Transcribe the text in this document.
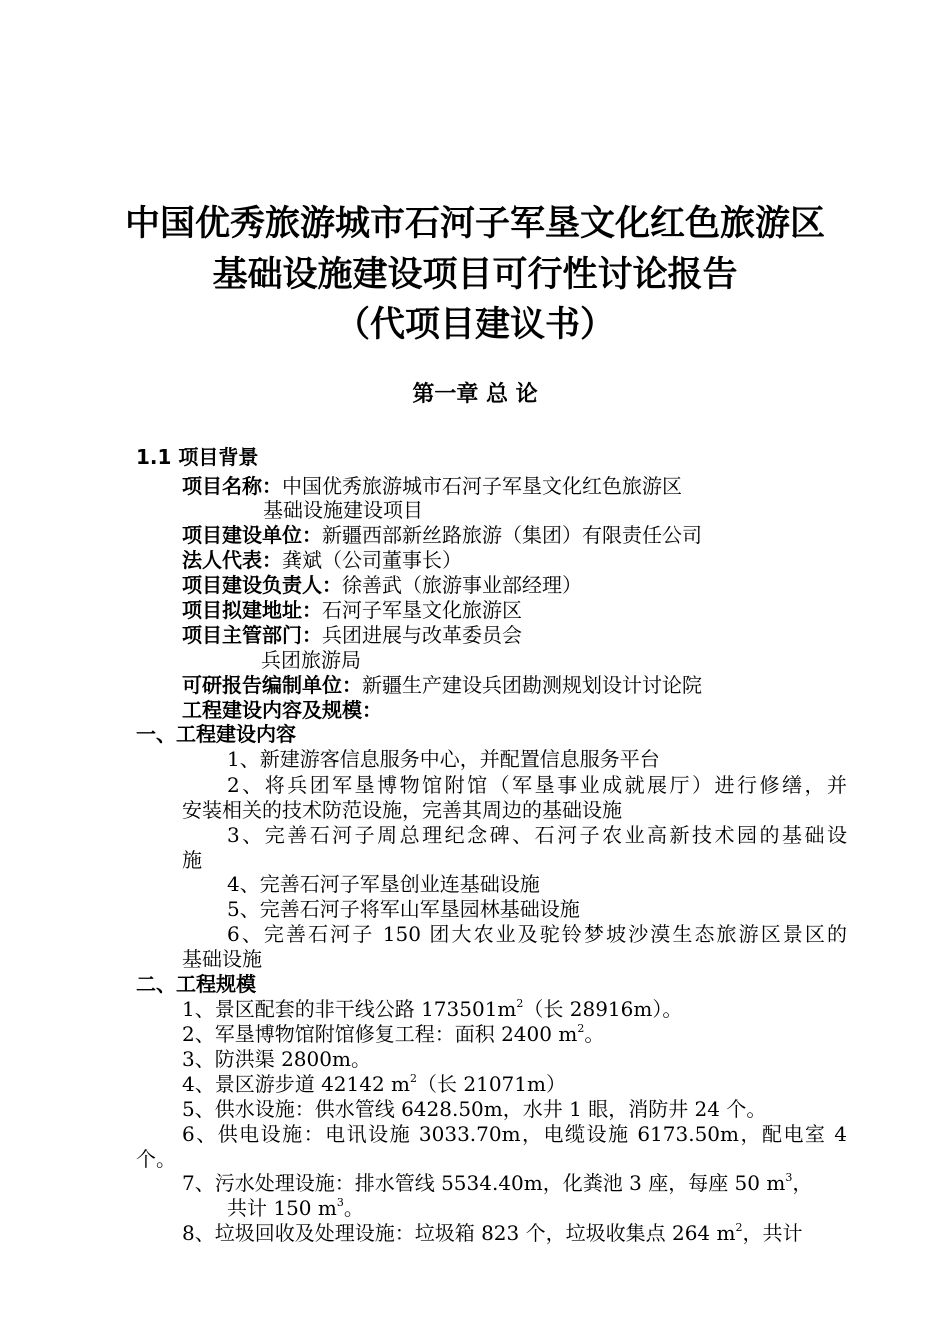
中国优秀旅游城市石河子军垦文化红色旅游区
基础设施建设项目可行性讨论报告
（代项目建议书）
第一章 总 论
1.1 项目背景
项目名称：中国优秀旅游城市石河子军垦文化红色旅游区
基础设施建设项目
项目建设单位：新疆西部新丝路旅游（集团）有限责任公司
法人代表：龚斌（公司董事长）
项目建设负责人：徐善武（旅游事业部经理）
项目拟建地址：石河子军垦文化旅游区
项目主管部门：兵团进展与改革委员会
兵团旅游局
可研报告编制单位：新疆生产建设兵团勘测规划设计讨论院
工程建设内容及规模：
一、工程建设内容
1、新建游客信息服务中心，并配置信息服务平台
2、将兵团军垦博物馆附馆（军垦事业成就展厅）进行修缮，并
安装相关的技术防范设施，完善其周边的基础设施
3、完善石河子周总理纪念碑、石河子农业高新技术园的基础设
施
4、完善石河子军垦创业连基础设施
5、完善石河子将军山军垦园林基础设施
6、完善石河子 150 团大农业及驼铃梦坡沙漠生态旅游区景区的
基础设施
二、工程规模
1、景区配套的非干线公路 $173501m^2$（长 28916m）。
2、军垦博物馆附馆修复工程：面积 2400 $m^2$。
3、防洪渠 2800m。
4、景区游步道 42142 $m^2$（长 21071m）
5、供水设施：供水管线 6428.50m，水井 1 眼，消防井 24 个。
6、供电设施：电讯设施 3033.70m，电缆设施 6173.50m，配电室 4
个。
7、污水处理设施：排水管线 5534.40m，化粪池 3 座，每座 50 $m^3$，
共计 150 $m^3$。
8、垃圾回收及处理设施：垃圾箱 823 个，垃圾收集点 264 $m^2$，共计
